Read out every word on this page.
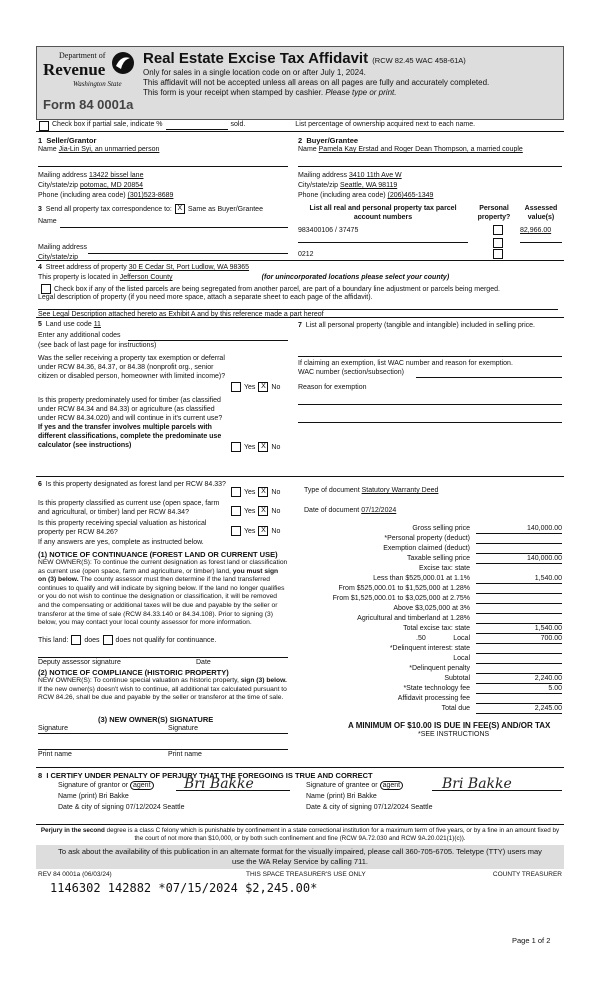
Department of
Revenue
Washington State
Form 84 0001a
Real Estate Excise Tax Affidavit (RCW 82.45 WAC 458-61A)
Only for sales in a single location code on or after July 1, 2024.
This affidavit will not be accepted unless all areas on all pages are fully and accurately completed.
This form is your receipt when stamped by cashier. Please type or print.
Check box if partial sale, indicate %	sold.	List percentage of ownership acquired next to each name.
1  Seller/Grantor
Name Jia-Lin Syi, an unmarried person
Mailing address 13422 bissel lane
City/state/zip potomac, MD 20854
Phone (including area code) (301)523-8689
2  Buyer/Grantee
Name Pamela Kay Erstad and Roger Dean Thompson, a married couple
Mailing address 3410 11th Ave W
City/state/zip Seattle, WA 98119
Phone (including area code) (206)465-1349
3 Send all property tax correspondence to: X Same as Buyer/Grantee
Name
Mailing address
City/state/zip
List all real and personal property tax parcel account numbers
Personal property?
Assessed value(s)
983400106 / 37475	82,966.00
0212
4 Street address of property 30 E Cedar St, Port Ludlow, WA 98365
This property is located in Jefferson County	(for unincorporated locations please select your county)
Check box if any of the listed parcels are being segregated from another parcel, are part of a boundary line adjustment or parcels being merged.
Legal description of property (if you need more space, attach a separate sheet to each page of the affidavit).
See Legal Description attached hereto as Exhibit A and by this reference made a part hereof
5 Land use code 11
Enter any additional codes
(see back of last page for instructions)
Was the seller receiving a property tax exemption or deferral under RCW 84.36, 84.37, or 84.38 (nonprofit org., senior citizen or disabled person, homeowner with limited income)?
Yes X No
Is this property predominately used for timber (as classified under RCW 84.34 and 84.33) or agriculture (as classified under RCW 84.34.020) and will continue in it's current use? If yes and the transfer involves multiple parcels with different classifications, complete the predominate use calculator (see instructions)	Yes X No
7 List all personal property (tangible and intangible) included in selling price.
If claiming an exemption, list WAC number and reason for exemption.
WAC number (section/subsection)
Reason for exemption
6 Is this property designated as forest land per RCW 84.33?
Yes X No
Is this property classified as current use (open space, farm and agricultural, or timber) land per RCW 84.34?	Yes X No
Is this property receiving special valuation as historical property per RCW 84.26?	Yes X No
If any answers are yes, complete as instructed below.
(1) NOTICE OF CONTINUANCE (FOREST LAND OR CURRENT USE)
NEW OWNER(S): To continue the current designation as forest land or classification as current use (open space, farm and agriculture, or timber) land, you must sign on (3) below. The county assessor must then determine if the land transferred continues to qualify and will indicate by signing below. If the land no longer qualifies or you do not wish to continue the designation or classification, it will be removed and the compensating or additional taxes will be due and payable by the seller or transferor at the time of sale (RCW 84.33.140 or 84.34.108). Prior to signing (3) below, you may contact your local county assessor for more information.
This land: does does not qualify for continuance.
Deputy assessor signature	Date
(2) NOTICE OF COMPLIANCE (HISTORIC PROPERTY)
NEW OWNER(S): To continue special valuation as historic property, sign (3) below. If the new owner(s) doesn't wish to continue, all additional tax calculated pursuant to RCW 84.26, shall be due and payable by the seller or transferor at the time of sale.
(3) NEW OWNER(S) SIGNATURE
Signature	Signature
Print name	Print name
Type of document Statutory Warranty Deed
Date of document 07/12/2024
Gross selling price	140,000.00
*Personal property (deduct)
Exemption claimed (deduct)
Taxable selling price	140,000.00
Excise tax: state
Less than $525,000.01 at 1.1%	1,540.00
From $525,000.01 to $1,525,000 at 1.28%
From $1,525,000.01 to $3,025,000 at 2.75%
Above $3,025,000 at 3%
Agricultural and timberland at 1.28%
Total excise tax: state	1,540.00
.50	Local	700.00
*Delinquent interest: state
Local
*Delinquent penalty
Subtotal	2,240.00
*State technology fee	5.00
Affidavit processing fee
Total due	2,245.00
A MINIMUM OF $10.00 IS DUE IN FEE(S) AND/OR TAX
*SEE INSTRUCTIONS
8  I CERTIFY UNDER PENALTY OF PERJURY THAT THE FOREGOING IS TRUE AND CORRECT
Signature of grantor or agent Bri Bakke
Name (print) Bri Bakke
Date & city of signing 07/12/2024 Seattle
Signature of grantee or agent	Bri Bakke
Name (print) Bri Bakke
Date & city of signing 07/12/2024 Seattle
Perjury in the second degree is a class C felony which is punishable by confinement in a state correctional institution for a maximum term of five years, or by a fine in an amount fixed by the court of not more than $10,000, or by both such confinement and fine (RCW 9A.72.030 and RCW 9A.20.021(1)(c)).
To ask about the availability of this publication in an alternate format for the visually impaired, please call 360-705-6705. Teletype (TTY) users may use the WA Relay Service by calling 711.
REV 84 0001a (06/03/24)	THIS SPACE TREASURER'S USE ONLY	COUNTY TREASURER
1146302 142882 *07/15/2024 $2,245.00*
Page 1 of 2
